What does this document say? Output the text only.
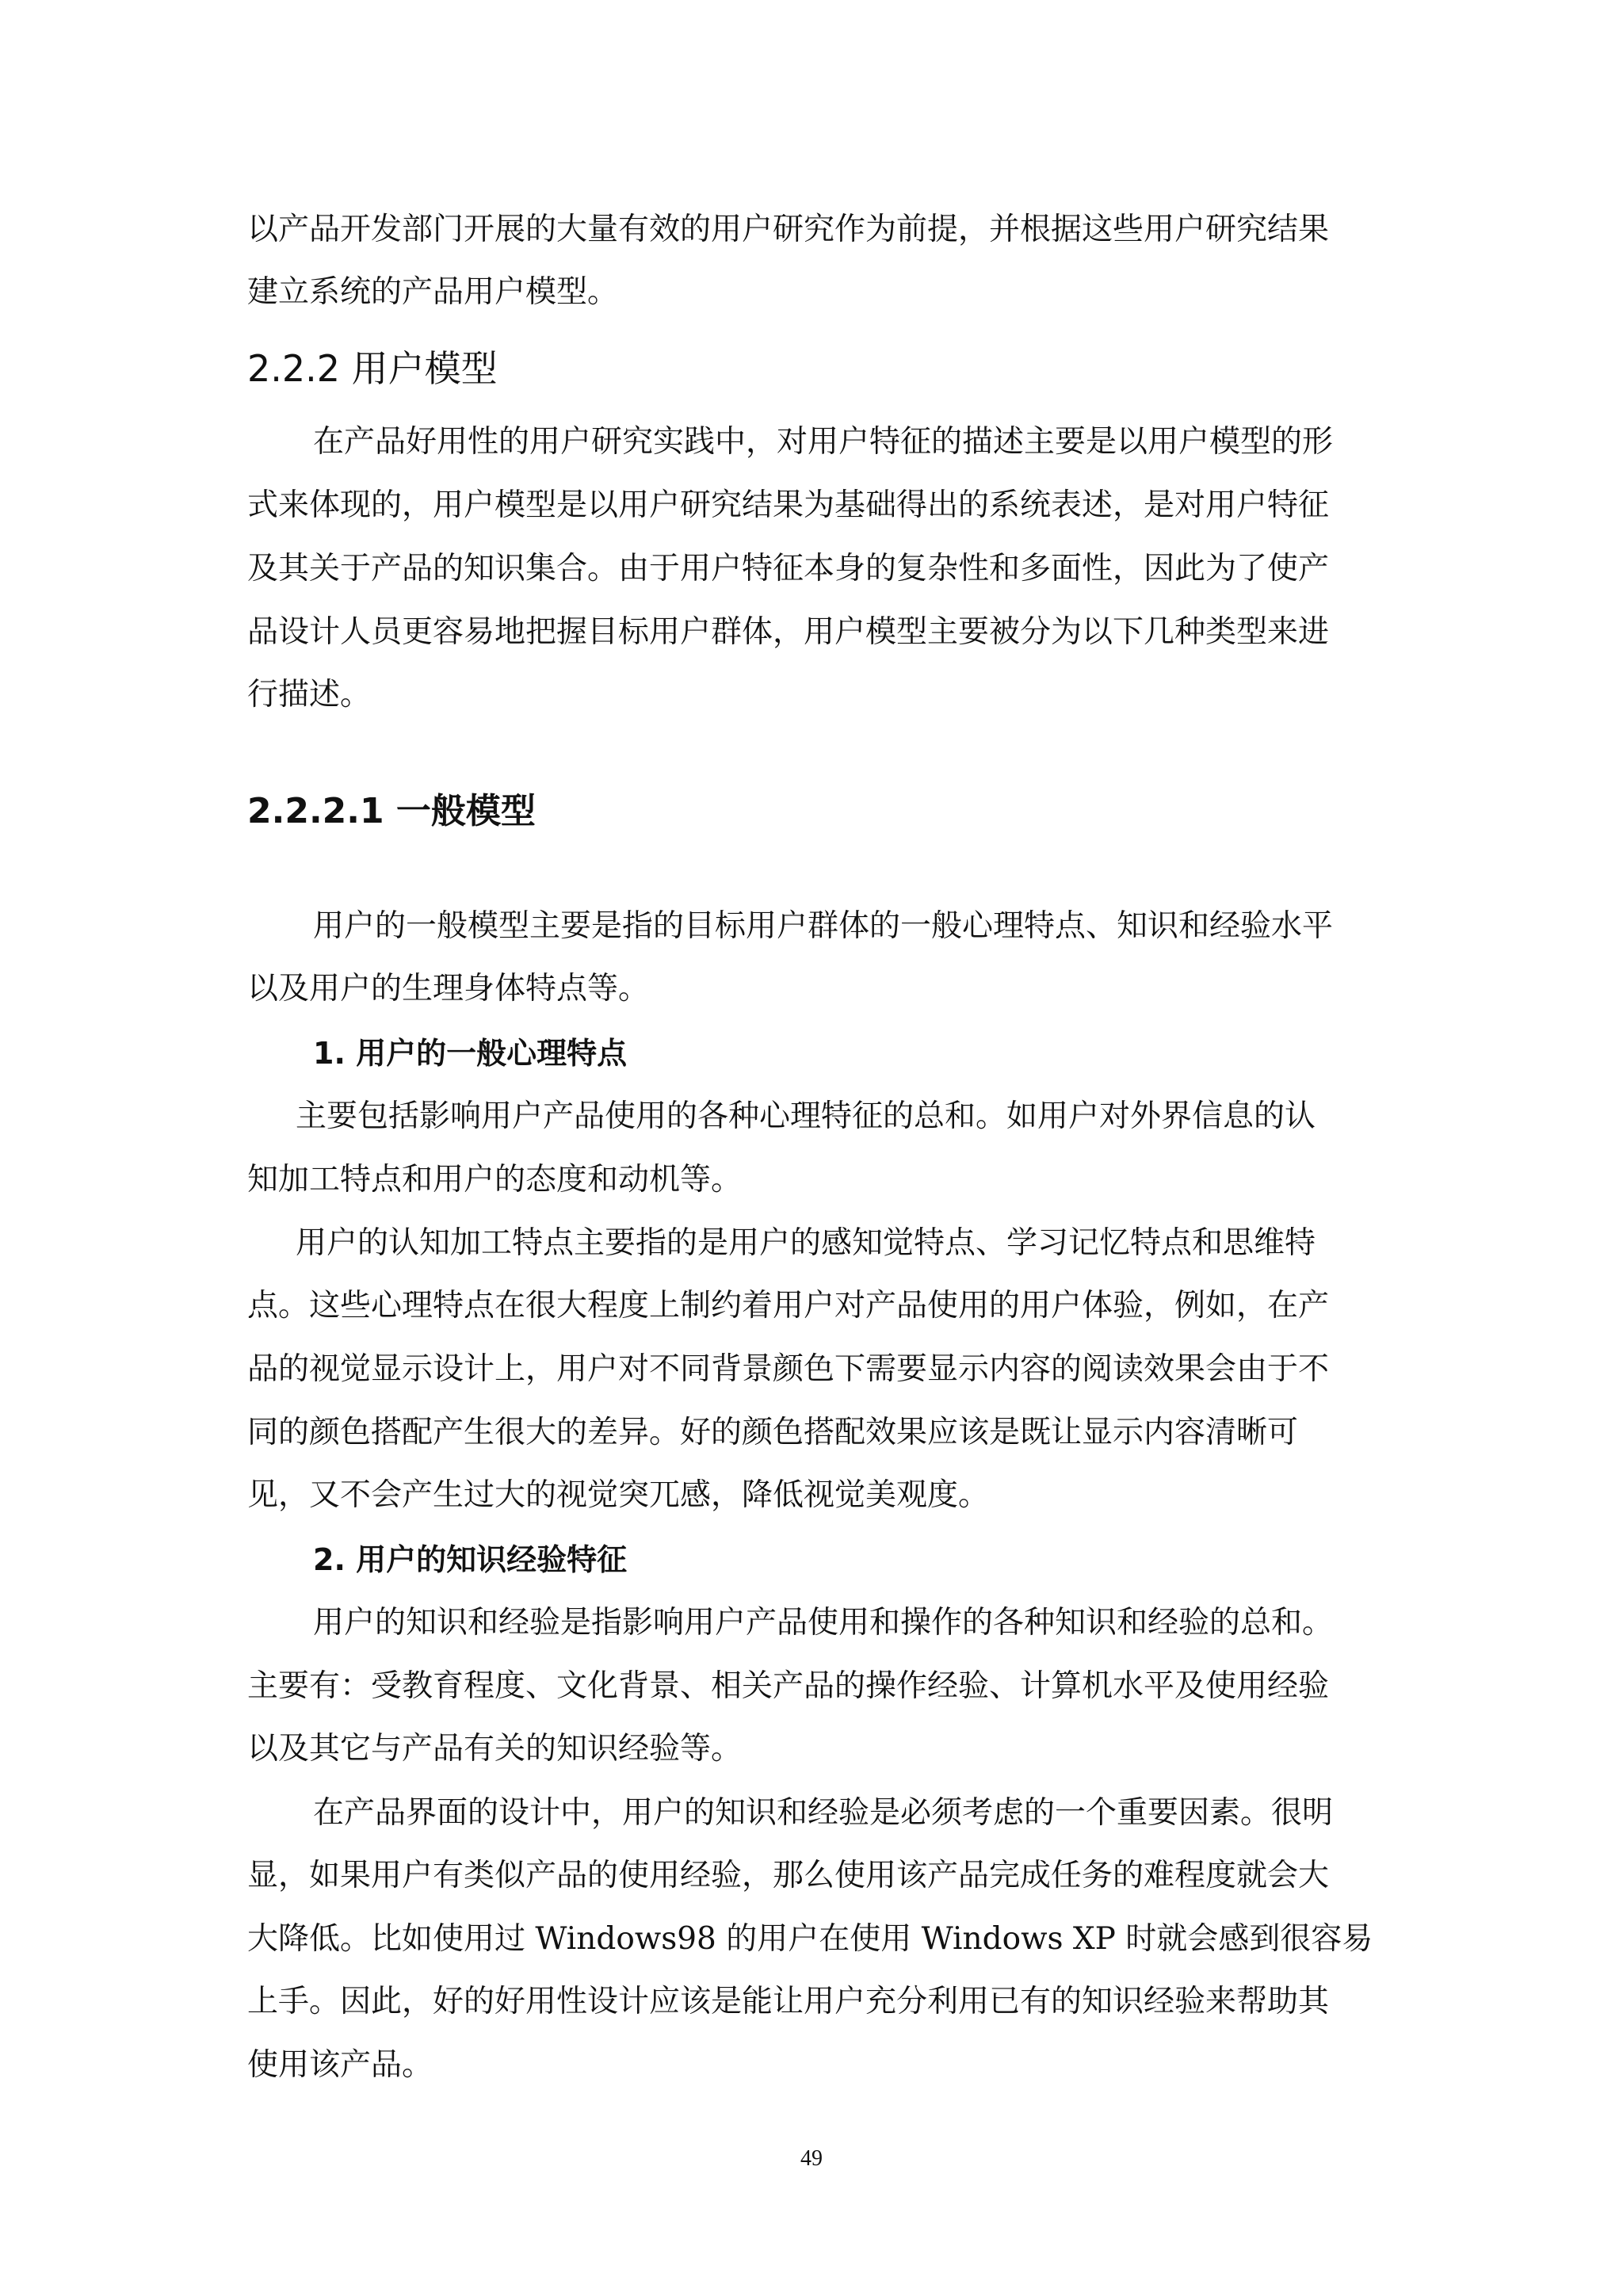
以产品开发部门开展的大量有效的用户研究作为前提，并根据这些用户研究结果
建立系统的产品用户模型。
2.2.2 用户模型
在产品好用性的用户研究实践中，对用户特征的描述主要是以用户模型的形
式来体现的，用户模型是以用户研究结果为基础得出的系统表述，是对用户特征
及其关于产品的知识集合。由于用户特征本身的复杂性和多面性，因此为了使产
品设计人员更容易地把握目标用户群体，用户模型主要被分为以下几种类型来进
行描述。
2.2.2.1 一般模型
用户的一般模型主要是指的目标用户群体的一般心理特点、知识和经验水平
以及用户的生理身体特点等。
1. 用户的一般心理特点
主要包括影响用户产品使用的各种心理特征的总和。如用户对外界信息的认
知加工特点和用户的态度和动机等。
用户的认知加工特点主要指的是用户的感知觉特点、学习记忆特点和思维特
点。这些心理特点在很大程度上制约着用户对产品使用的用户体验，例如，在产
品的视觉显示设计上，用户对不同背景颜色下需要显示内容的阅读效果会由于不
同的颜色搭配产生很大的差异。好的颜色搭配效果应该是既让显示内容清晰可
见，又不会产生过大的视觉突兀感，降低视觉美观度。
2. 用户的知识经验特征
用户的知识和经验是指影响用户产品使用和操作的各种知识和经验的总和。
主要有：受教育程度、文化背景、相关产品的操作经验、计算机水平及使用经验
以及其它与产品有关的知识经验等。
在产品界面的设计中，用户的知识和经验是必须考虑的一个重要因素。很明
显，如果用户有类似产品的使用经验，那么使用该产品完成任务的难程度就会大
大降低。比如使用过 Windows98 的用户在使用 Windows XP 时就会感到很容易
上手。因此，好的好用性设计应该是能让用户充分利用已有的知识经验来帮助其
使用该产品。
49
